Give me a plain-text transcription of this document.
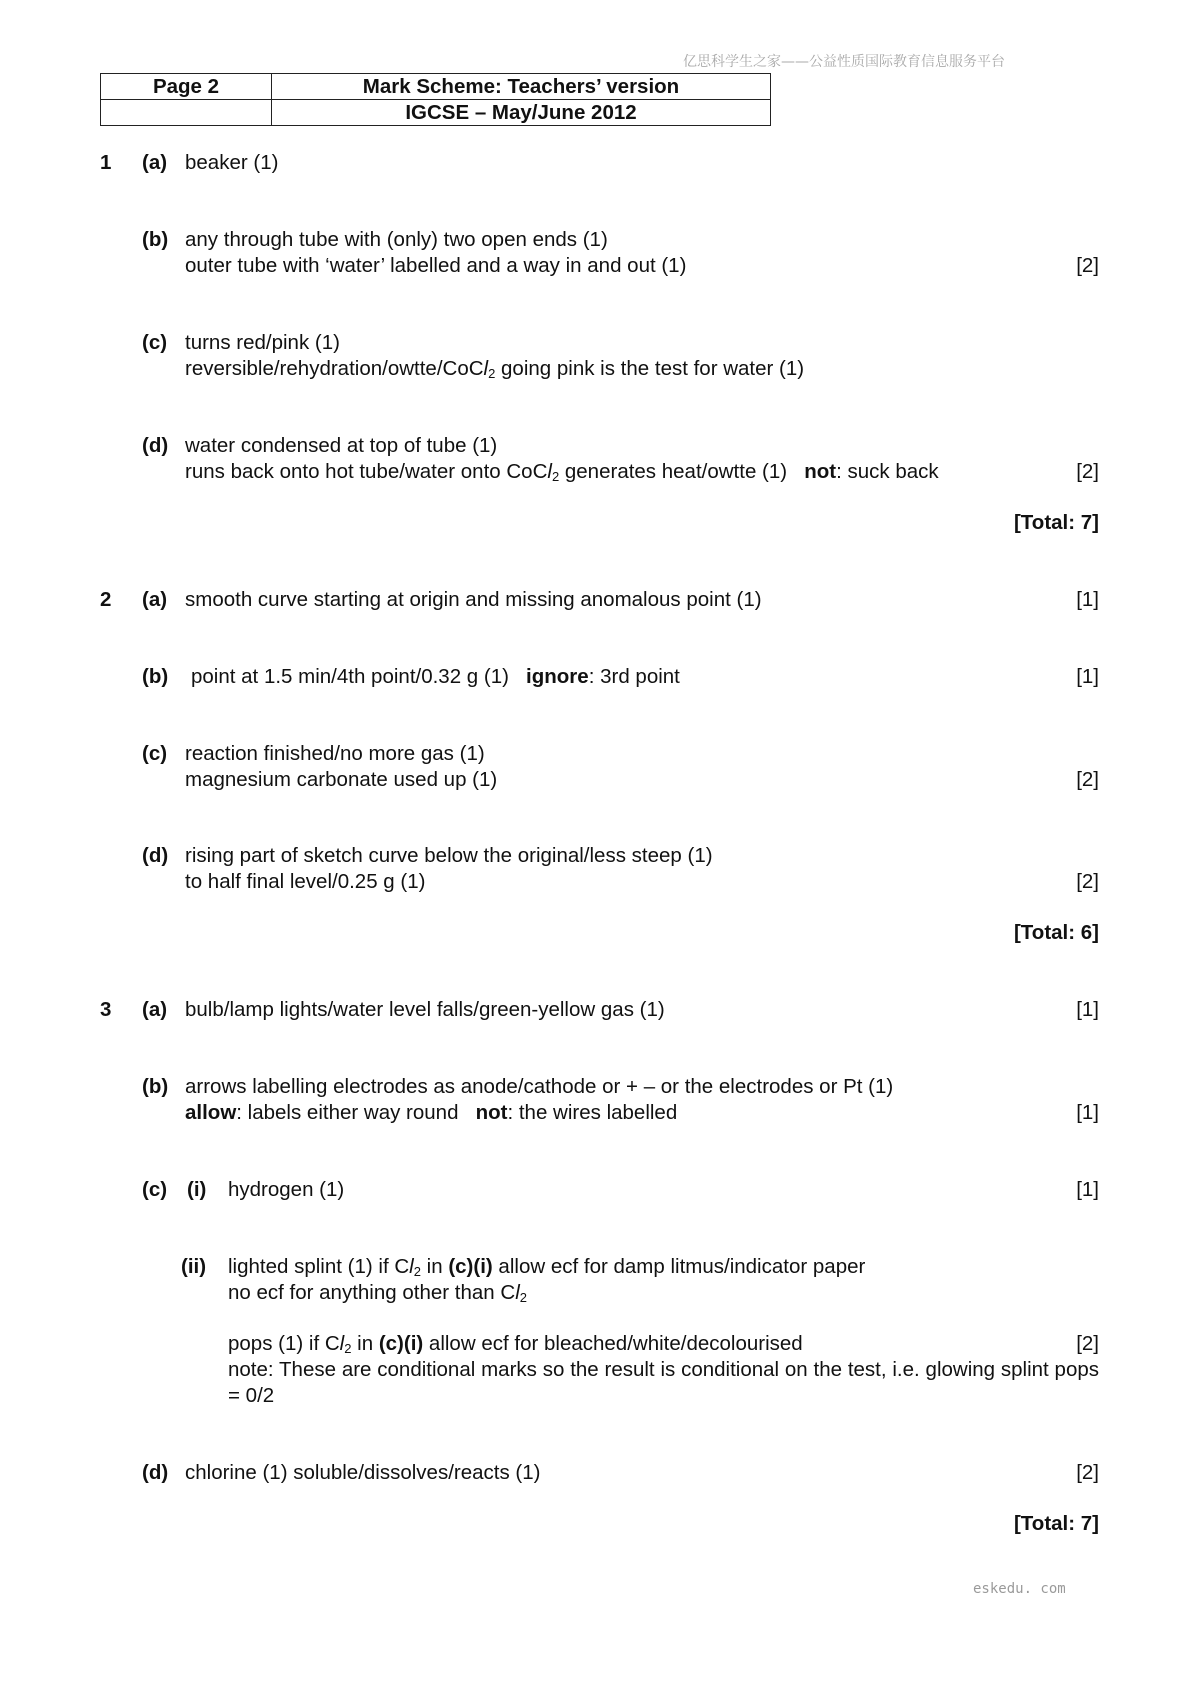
亿思科学生之家——公益性质国际教育信息服务平台
Page 2	Mark Scheme: Teachers’ version
	IGCSE – May/June 2012
1 (a) beaker (1)
(b) any through tube with (only) two open ends (1)
outer tube with ‘water’ labelled and a way in and out (1)	[2]
(c) turns red/pink (1)
reversible/rehydration/owtte/CoCl$_2$ going pink is the test for water (1)
(d) water condensed at top of tube (1)
runs back onto hot tube/water onto CoCl$_2$ generates heat/owtte (1) not: suck back	[2]
[Total: 7]
2 (a) smooth curve starting at origin and missing anomalous point (1)	[1]
(b) point at 1.5 min/4th point/0.32 g (1) ignore: 3rd point	[1]
(c) reaction finished/no more gas (1)
magnesium carbonate used up (1)	[2]
(d) rising part of sketch curve below the original/less steep (1)
to half final level/0.25 g (1)	[2]
[Total: 6]
3 (a) bulb/lamp lights/water level falls/green-yellow gas (1)	[1]
(b) arrows labelling electrodes as anode/cathode or + – or the electrodes or Pt (1)
allow: labels either way round not: the wires labelled	[1]
(c) (i) hydrogen (1)	[1]
(ii) lighted splint (1) if $Cl_2$ in (c)(i) allow ecf for damp litmus/indicator paper
no ecf for anything other than $Cl_2$
pops (1) if $Cl_2$ in (c)(i) allow ecf for bleached/white/decolourised	[2]
note: These are conditional marks so the result is conditional on the test, i.e. glowing splint pops = 0/2
(d) chlorine (1) soluble/dissolves/reacts (1)	[2]
[Total: 7]
eskedu. com
